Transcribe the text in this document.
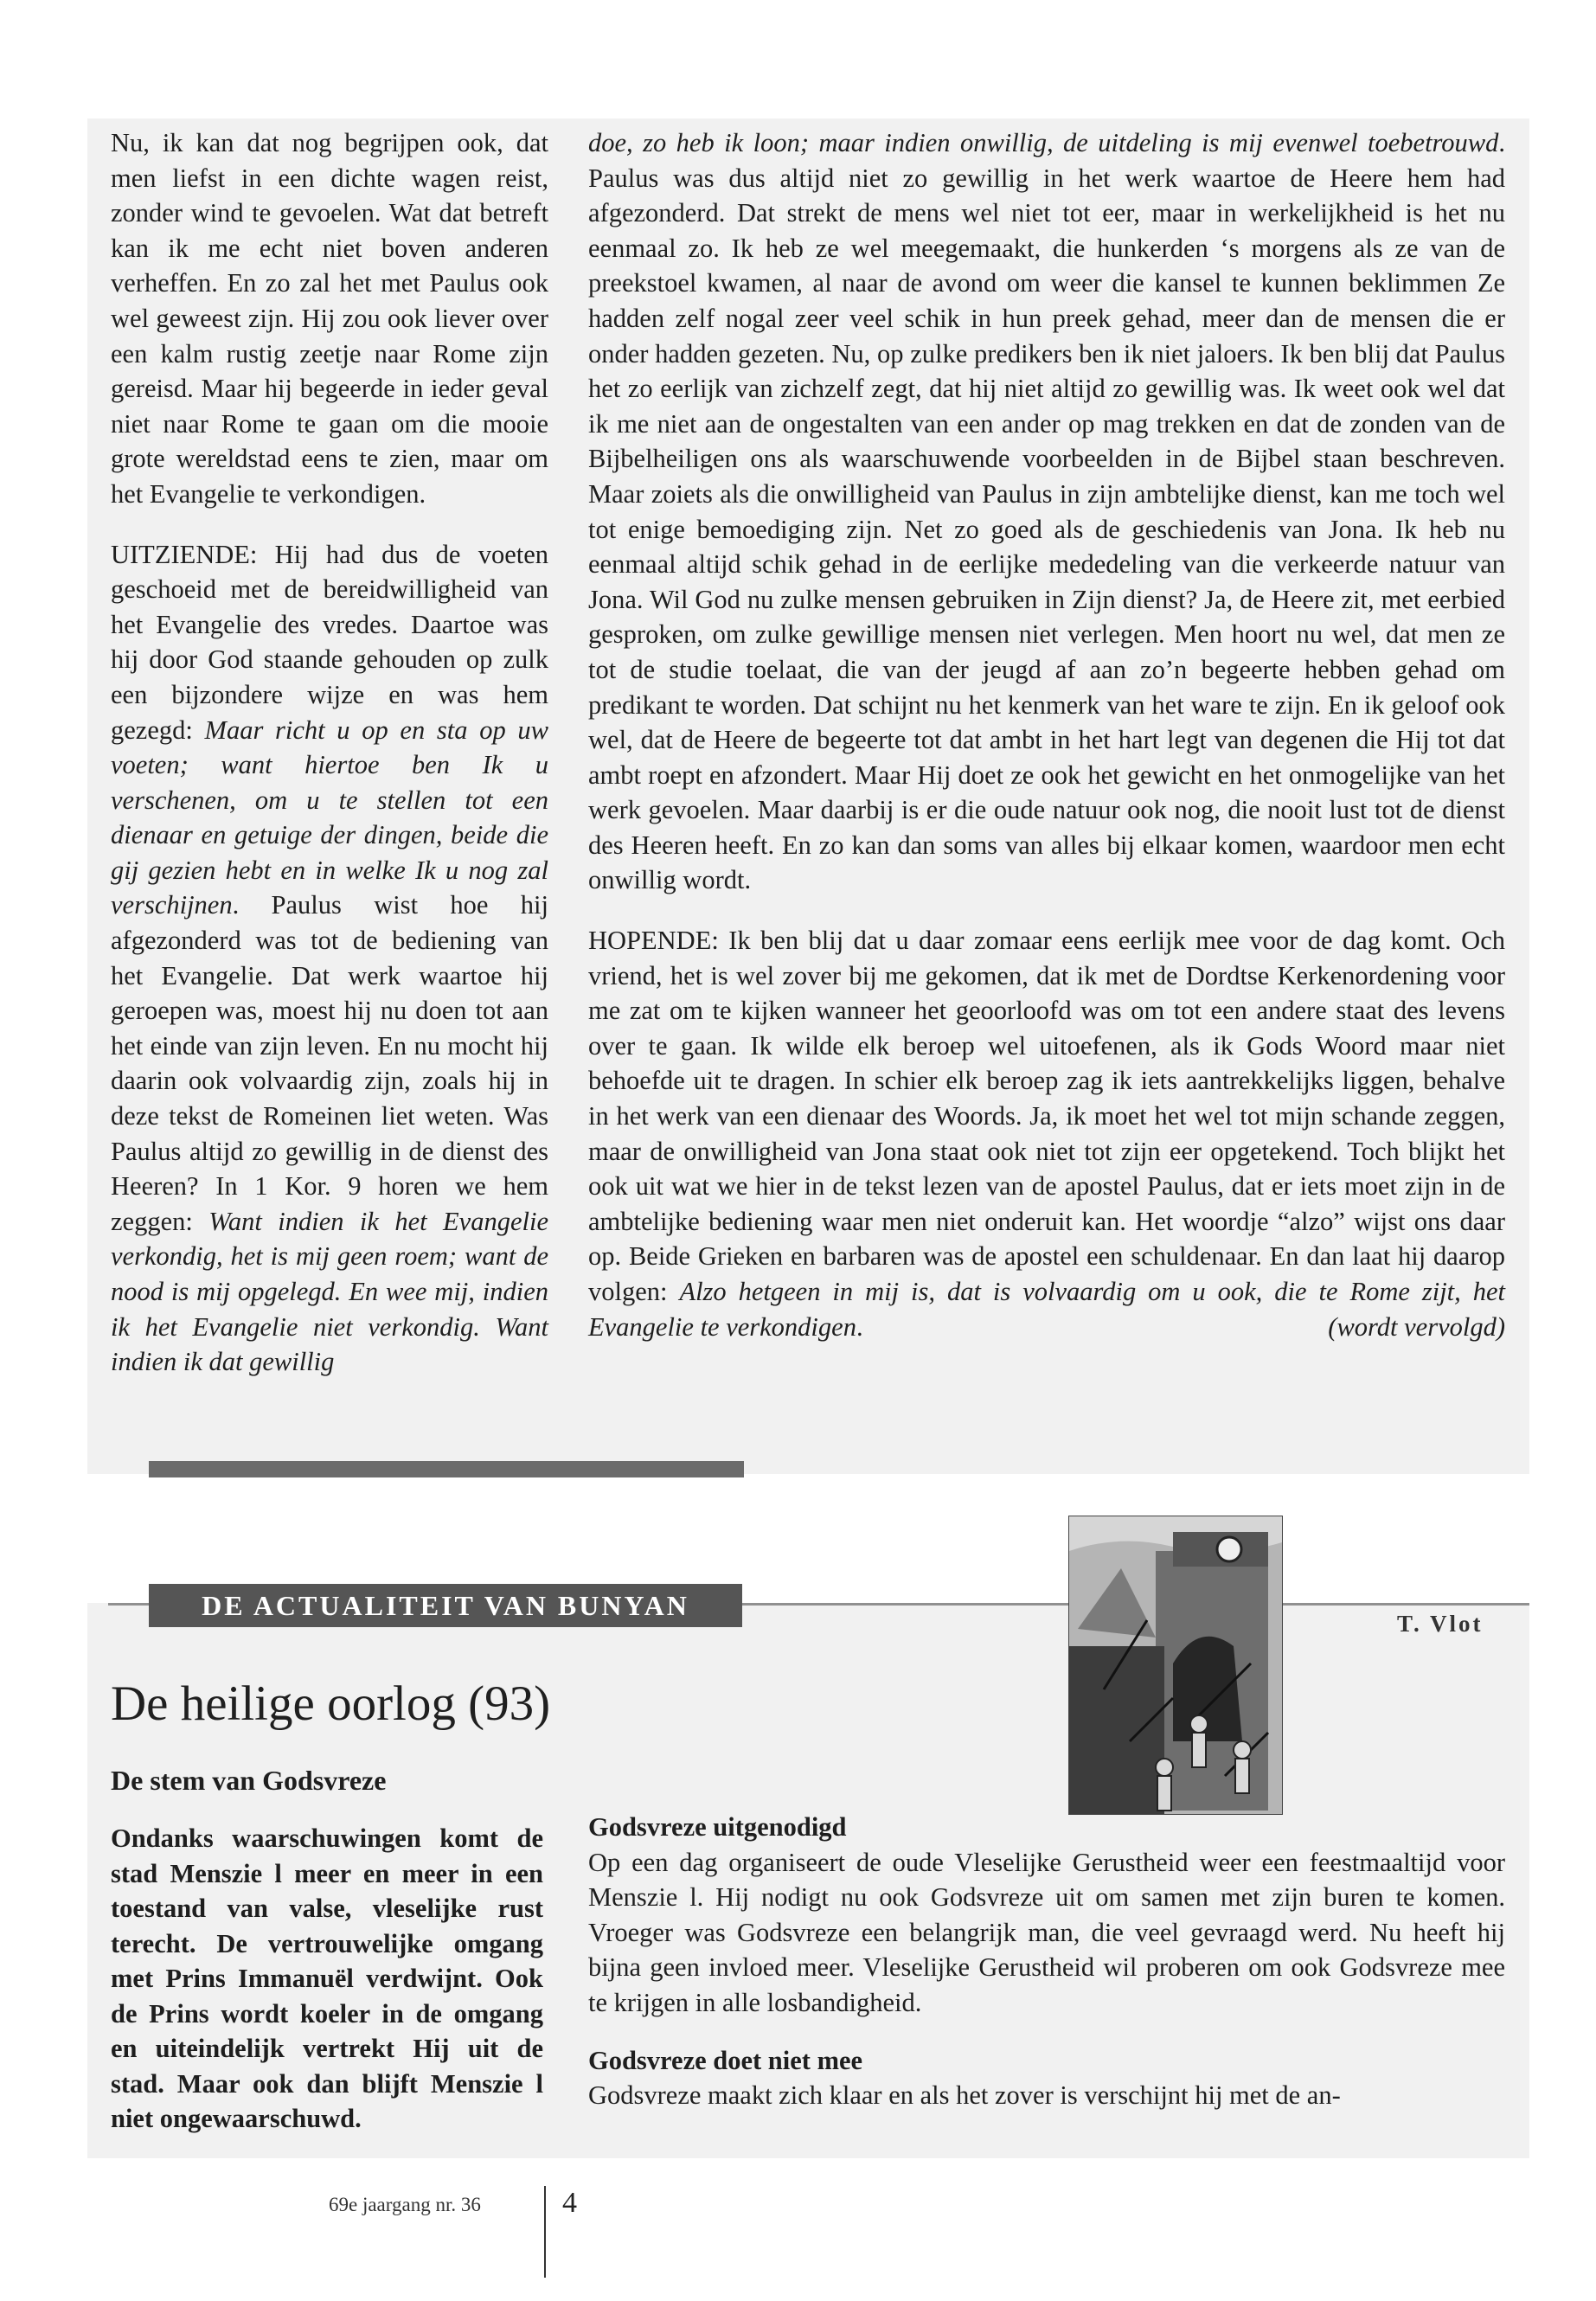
Nu, ik kan dat nog begrijpen ook, dat men liefst in een dichte wagen reist, zonder wind te gevoelen. Wat dat betreft kan ik me echt niet boven anderen verheffen. En zo zal het met Paulus ook wel geweest zijn. Hij zou ook liever over een kalm rustig zeetje naar Rome zijn gereisd. Maar hij begeerde in ieder geval niet naar Rome te gaan om die mooie grote wereldstad eens te zien, maar om het Evangelie te verkondigen.

UITZIENDE: Hij had dus de voeten geschoeid met de bereidwilligheid van het Evangelie des vredes. Daartoe was hij door God staande gehouden op zulk een bijzondere wijze en was hem gezegd: Maar richt u op en sta op uw voeten; want hiertoe ben Ik u verschenen, om u te stellen tot een dienaar en getuige der dingen, beide die gij gezien hebt en in welke Ik u nog zal verschijnen. Paulus wist hoe hij afgezonderd was tot de bediening van het Evangelie. Dat werk waartoe hij geroepen was, moest hij nu doen tot aan het einde van zijn leven. En nu mocht hij daarin ook volvaardig zijn, zoals hij in deze tekst de Romeinen liet weten. Was Paulus altijd zo gewillig in de dienst des Heeren? In 1 Kor. 9 horen we hem zeggen: Want indien ik het Evangelie verkondig, het is mij geen roem; want de nood is mij opgelegd. En wee mij, indien ik het Evangelie niet verkondig. Want indien ik dat gewillig

doe, zo heb ik loon; maar indien onwillig, de uitdeling is mij evenwel toebetrouwd. Paulus was dus altijd niet zo gewillig in het werk waartoe de Heere hem had afgezonderd. Dat strekt de mens wel niet tot eer, maar in werkelijkheid is het nu eenmaal zo. Ik heb ze wel meegemaakt, die hunkerden ‘s morgens als ze van de preekstoel kwamen, al naar de avond om weer die kansel te kunnen beklimmen Ze hadden zelf nogal zeer veel schik in hun preek gehad, meer dan de mensen die er onder hadden gezeten. Nu, op zulke predikers ben ik niet jaloers. Ik ben blij dat Paulus het zo eerlijk van zichzelf zegt, dat hij niet altijd zo gewillig was. Ik weet ook wel dat ik me niet aan de ongestalten van een ander op mag trekken en dat de zonden van de Bijbelheiligen ons als waarschuwende voorbeelden in de Bijbel staan beschreven. Maar zoiets als die onwilligheid van Paulus in zijn ambtelijke dienst, kan me toch wel tot enige bemoediging zijn. Net zo goed als de geschiedenis van Jona. Ik heb nu eenmaal altijd schik gehad in de eerlijke mededeling van die verkeerde natuur van Jona. Wil God nu zulke mensen gebruiken in Zijn dienst? Ja, de Heere zit, met eerbied gesproken, om zulke gewillige mensen niet verlegen. Men hoort nu wel, dat men ze tot de studie toelaat, die van der jeugd af aan zo’n begeerte hebben gehad om predikant te worden. Dat schijnt nu het kenmerk van het ware te zijn. En ik geloof ook wel, dat de Heere de begeerte tot dat ambt in het hart legt van degenen die Hij tot dat ambt roept en afzondert. Maar Hij doet ze ook het gewicht en het onmogelijke van het werk gevoelen. Maar daarbij is er die oude natuur ook nog, die nooit lust tot de dienst des Heeren heeft. En zo kan dan soms van alles bij elkaar komen, waardoor men echt onwillig wordt.

HOPENDE: Ik ben blij dat u daar zomaar eens eerlijk mee voor de dag komt. Och vriend, het is wel zover bij me gekomen, dat ik met de Dordtse Kerkenordening voor me zat om te kijken wanneer het geoorloofd was om tot een andere staat des levens over te gaan. Ik wilde elk beroep wel uitoefenen, als ik Gods Woord maar niet behoefde uit te dragen. In schier elk beroep zag ik iets aantrekkelijks liggen, behalve in het werk van een dienaar des Woords. Ja, ik moet het wel tot mijn schande zeggen, maar de onwilligheid van Jona staat ook niet tot zijn eer opgetekend. Toch blijkt het ook uit wat we hier in de tekst lezen van de apostel Paulus, dat er iets moet zijn in de ambtelijke bediening waar men niet onderuit kan. Het woordje “alzo” wijst ons daar op. Beide Grieken en barbaren was de apostel een schuldenaar. En dan laat hij daarop volgen: Alzo hetgeen in mij is, dat is volvaardig om u ook, die te Rome zijt, het Evangelie te verkondigen.	(wordt vervolgd)

DE ACTUALITEIT VAN BUNYAN
T. Vlot
De heilige oorlog (93)
De stem van Godsvreze
Ondanks waarschuwingen komt de stad Menszie l meer en meer in een toestand van valse, vleselijke rust terecht. De vertrouwelijke omgang met Prins Immanuël verdwijnt. Ook de Prins wordt koeler in de omgang en uiteindelijk vertrekt Hij uit de stad. Maar ook dan blijft Menszie l niet ongewaarschuwd.
Godsvreze uitgenodigd
Op een dag organiseert de oude Vleselijke Gerustheid weer een feestmaaltijd voor Menszie l. Hij nodigt nu ook Godsvreze uit om samen met zijn buren te komen. Vroeger was Godsvreze een belangrijk man, die veel gevraagd werd. Nu heeft hij bijna geen invloed meer. Vleselijke Gerustheid wil proberen om ook Godsvreze mee te krijgen in alle losbandigheid.
Godsvreze doet niet mee
Godsvreze maakt zich klaar en als het zover is verschijnt hij met de an-
69e jaargang nr. 36	4
